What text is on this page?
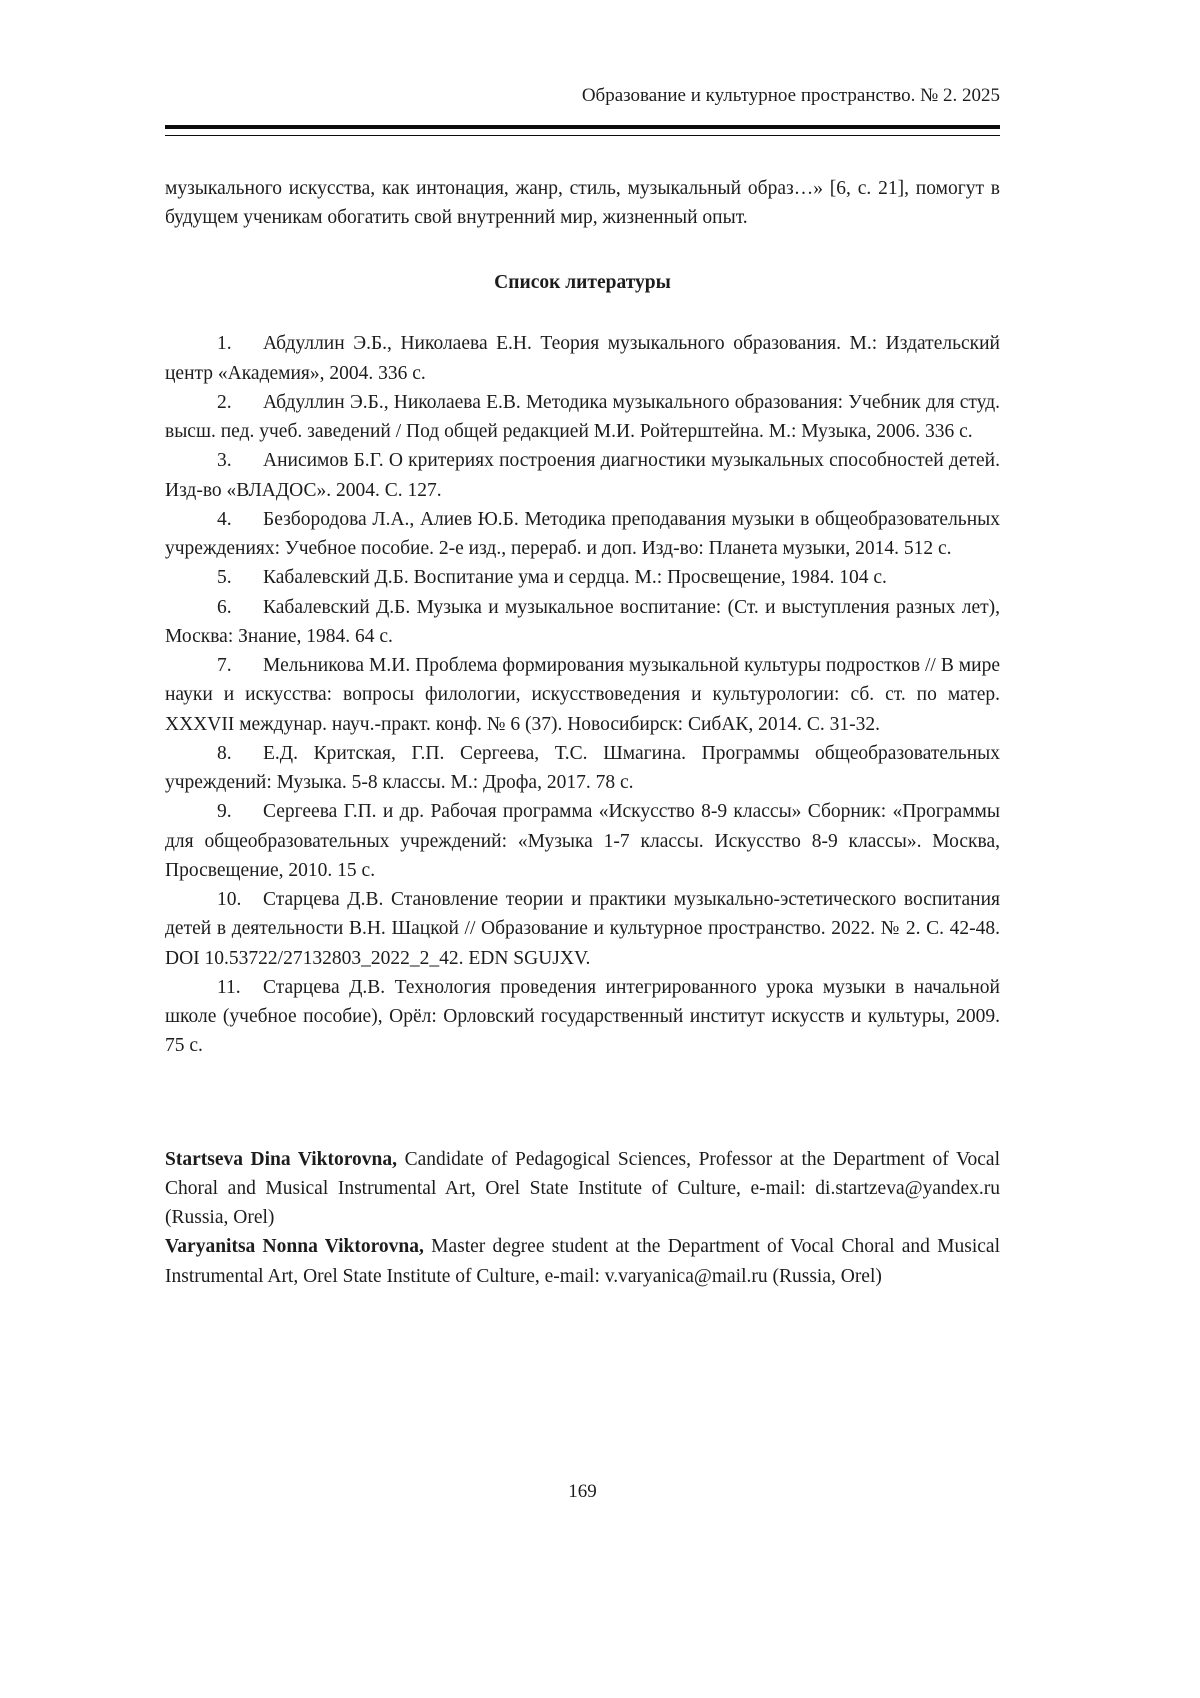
Образование и культурное пространство. № 2. 2025

музыкального искусства, как интонация, жанр, стиль, музыкальный образ…» [6, с. 21], помогут в будущем ученикам обогатить свой внутренний мир, жизненный опыт.

Список литературы

1. Абдуллин Э.Б., Николаева Е.Н. Теория музыкального образования. М.: Издательский центр «Академия», 2004. 336 с.

2. Абдуллин Э.Б., Николаева Е.В. Методика музыкального образования: Учебник для студ. высш. пед. учеб. заведений / Под общей редакцией М.И. Ройтерштейна. М.: Музыка, 2006. 336 с.

3. Анисимов Б.Г. О критериях построения диагностики музыкальных способностей детей. Изд-во «ВЛАДОС». 2004. С. 127.

4. Безбородова Л.А., Алиев Ю.Б. Методика преподавания музыки в общеобразовательных учреждениях: Учебное пособие. 2-е изд., перераб. и доп. Изд-во: Планета музыки, 2014. 512 с.

5. Кабалевский Д.Б. Воспитание ума и сердца. М.: Просвещение, 1984. 104 с.

6. Кабалевский Д.Б. Музыка и музыкальное воспитание: (Ст. и выступления разных лет), Москва: Знание, 1984. 64 с.

7. Мельникова М.И. Проблема формирования музыкальной культуры подростков // В мире науки и искусства: вопросы филологии, искусствоведения и культурологии: сб. ст. по матер. XXXVII междунар. науч.-практ. конф. № 6 (37). Новосибирск: СибАК, 2014. С. 31-32.

8. Е.Д. Критская, Г.П. Сергеева, Т.С. Шмагина. Программы общеобразовательных учреждений: Музыка. 5-8 классы. М.: Дрофа, 2017. 78 с.

9. Сергеева Г.П. и др. Рабочая программа «Искусство 8-9 классы» Сборник: «Программы для общеобразовательных учреждений: «Музыка 1-7 классы. Искусство 8-9 классы». Москва, Просвещение, 2010. 15 с.

10. Старцева Д.В. Становление теории и практики музыкально-эстетического воспитания детей в деятельности В.Н. Шацкой // Образование и культурное пространство. 2022. № 2. С. 42-48. DOI 10.53722/27132803_2022_2_42. EDN SGUJXV.

11. Старцева Д.В. Технология проведения интегрированного урока музыки в начальной школе (учебное пособие), Орёл: Орловский государственный институт искусств и культуры, 2009. 75 с.

Startseva Dina Viktorovna, Candidate of Pedagogical Sciences, Professor at the Department of Vocal Choral and Musical Instrumental Art, Orel State Institute of Culture, e-mail: di.startzeva@yandex.ru (Russia, Orel)

Varyanitsa Nonna Viktorovna, Master degree student at the Department of Vocal Choral and Musical Instrumental Art, Orel State Institute of Culture, e-mail: v.varyanica@mail.ru (Russia, Orel)

169
